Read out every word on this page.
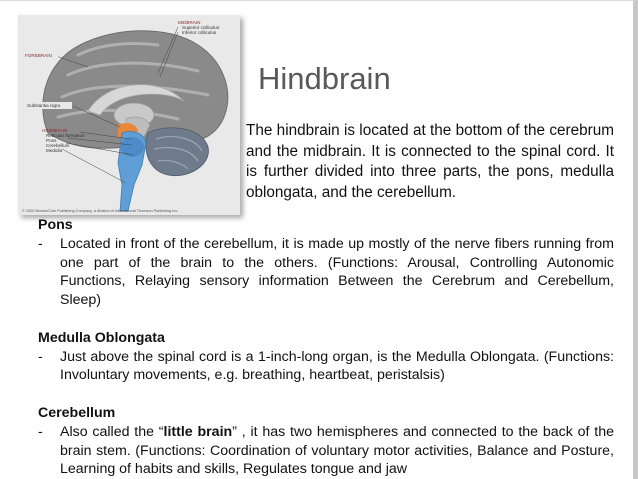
MIDBRAIN
Superior colliculus
Inferior colliculus
FOREBRAIN
Substantia nigra
HINDBRAIN
Reticular formation
Pons
Cerebellum
Medulla
© 2000 Brooks/Cole Publishing Company, a division of International Thomson Publishing Inc.
Hindbrain
The hindbrain is located at the bottom of the cerebrum and the midbrain. It is connected to the spinal cord. It is further divided into three parts, the pons, medulla oblongata, and the cerebellum.
Pons
- Located in front of the cerebellum, it is made up mostly of the nerve fibers running from one part of the brain to the others. (Functions: Arousal, Controlling Autonomic Functions, Relaying sensory information Between the Cerebrum and Cerebellum, Sleep)
Medulla Oblongata
- Just above the spinal cord is a 1-inch-long organ, is the Medulla Oblongata. (Functions: Involuntary movements, e.g. breathing, heartbeat, peristalsis)
Cerebellum
- Also called the “little brain” , it has two hemispheres and connected to the back of the brain stem. (Functions: Coordination of voluntary motor activities, Balance and Posture, Learning of habits and skills, Regulates tongue and jaw
